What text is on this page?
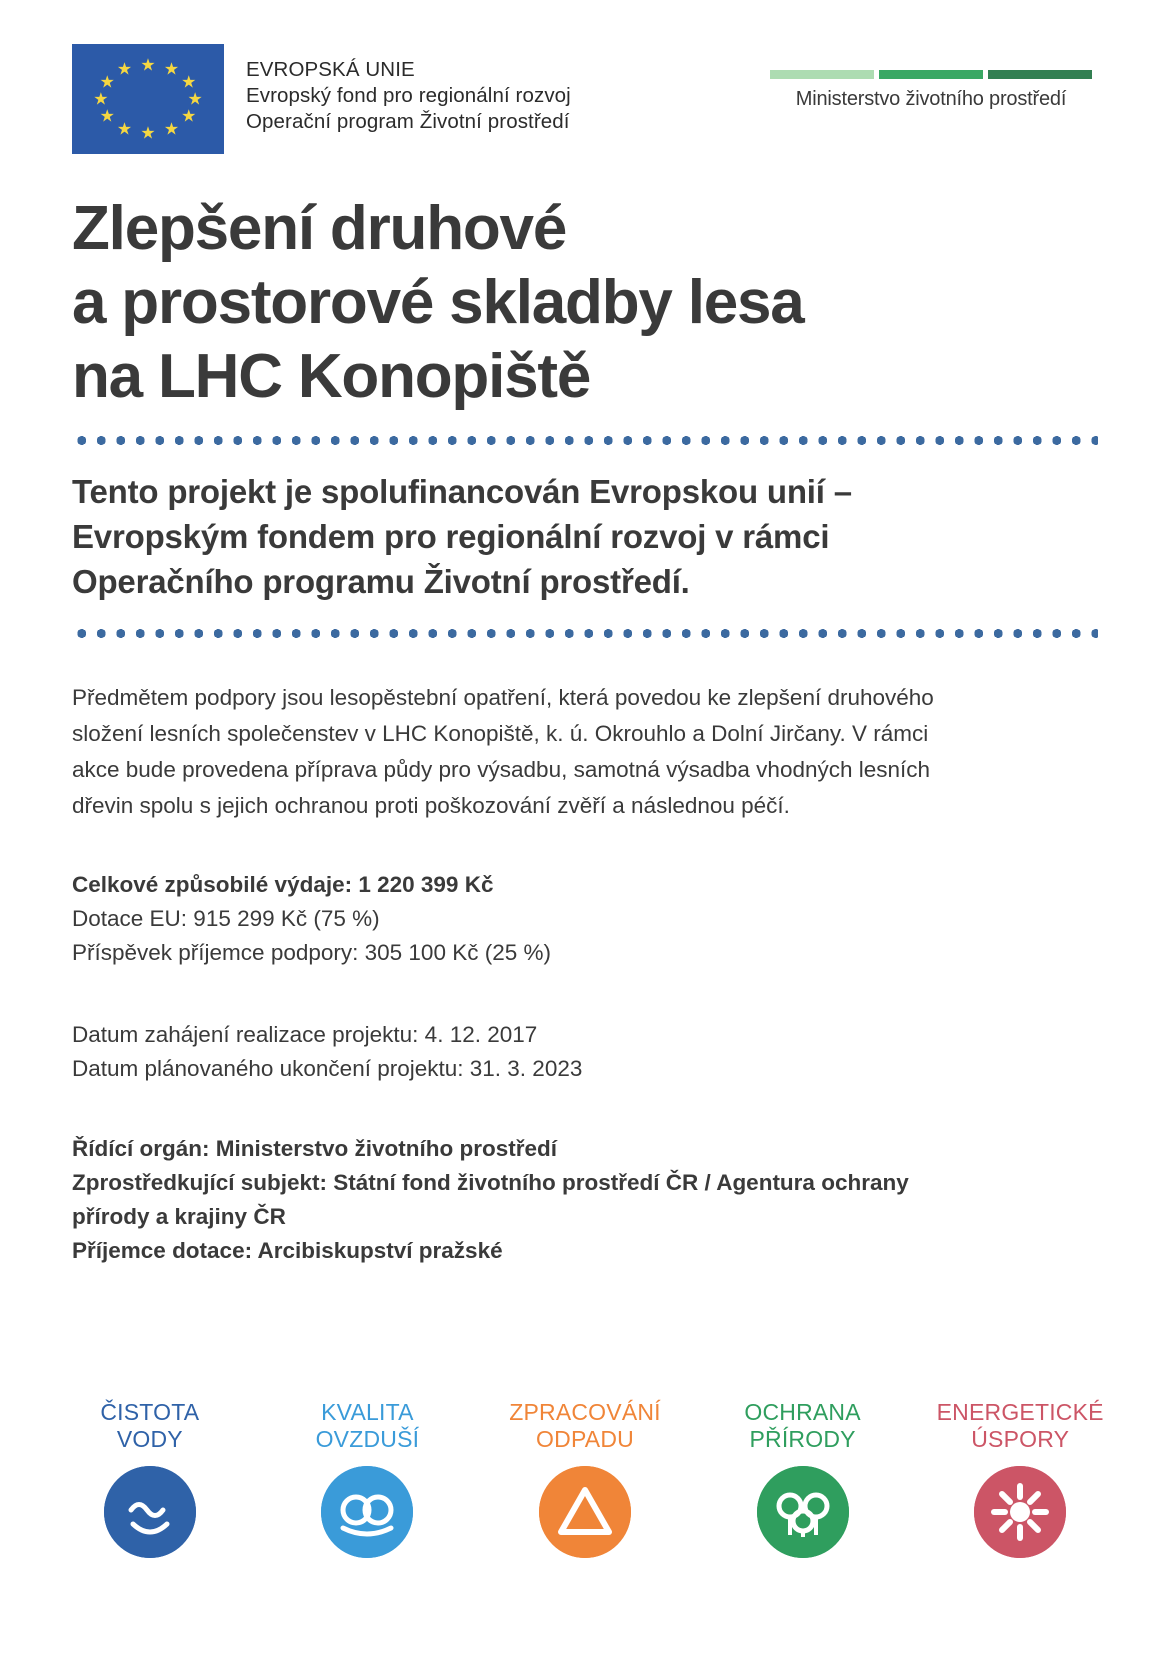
★ ★
★
★
★
★
★
★
★
★
★
★	EVROPSKÁ UNIE
Evropský fond pro regionální rozvoj
Operační program Životní prostředí
Ministerstvo životního prostředí
Zlepšení druhové
a prostorové skladby lesa
na LHC Konopiště
Tento projekt je spolufinancován Evropskou unií –
Evropským fondem pro regionální rozvoj v rámci
Operačního programu Životní prostředí.
Předmětem podpory jsou lesopěstební opatření, která povedou ke zlepšení druhového
složení lesních společenstev v LHC Konopiště, k. ú. Okrouhlo a Dolní Jirčany. V rámci
akce bude provedena příprava půdy pro výsadbu, samotná výsadba vhodných lesních
dřevin spolu s jejich ochranou proti poškozování zvěří a následnou péčí.
Celkové způsobilé výdaje: 1 220 399 Kč
Dotace EU: 915 299 Kč (75 %)
Příspěvek příjemce podpory: 305 100 Kč (25 %)
Datum zahájení realizace projektu: 4. 12. 2017
Datum plánovaného ukončení projektu: 31. 3. 2023
Řídící orgán: Ministerstvo životního prostředí
Zprostředkující subjekt: Státní fond životního prostředí ČR / Agentura ochrany
přírody a krajiny ČR
Příjemce dotace: Arcibiskupství pražské
ČISTOTA
VODY
KVALITA
OVZDUŠÍ
ZPRACOVÁNÍ
ODPADU
OCHRANA
PŘÍRODY
ENERGETICKÉ
ÚSPORY
